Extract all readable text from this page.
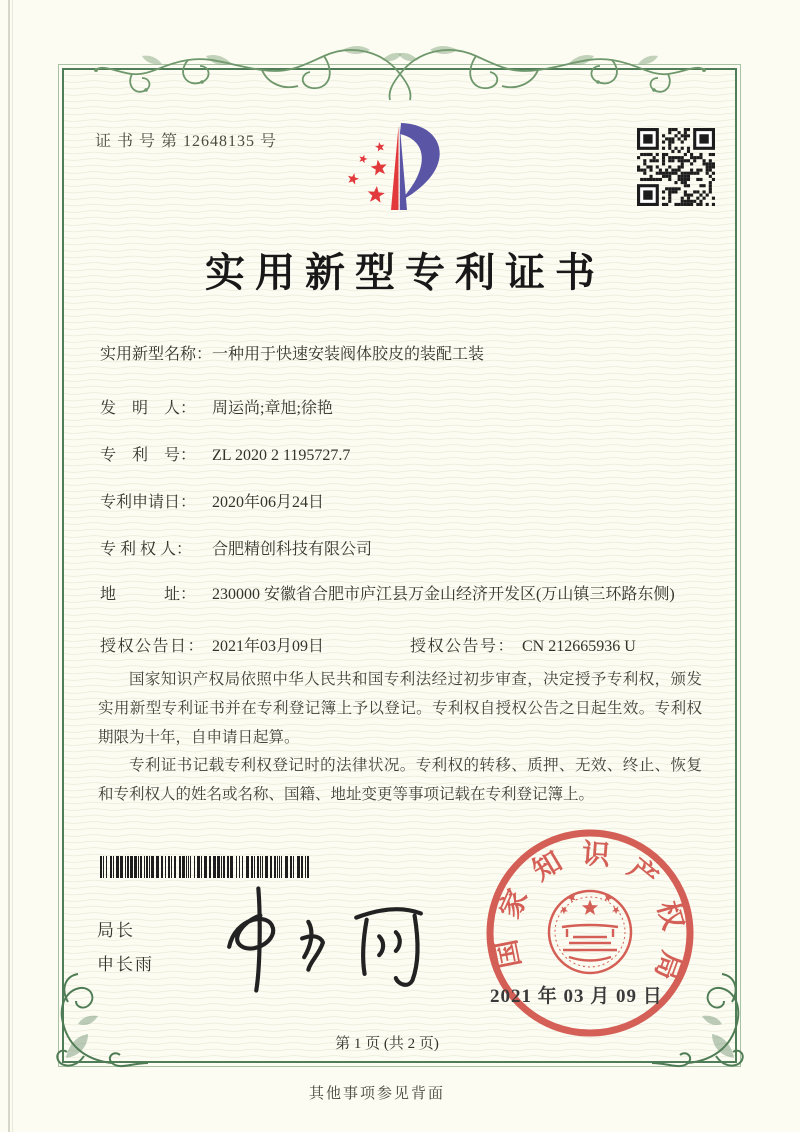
证 书 号 第 12648135 号
实用新型专利证书
实用新型名称： 一种用于快速安装阀体胶皮的装配工装
发　明　人： 周运尚;章旭;徐艳
专　利　号： ZL 2020 2 1195727.7
专利申请日： 2020年06月24日
专 利 权 人：	合肥精创科技有限公司
地　　　址： 230000 安徽省合肥市庐江县万金山经济开发区(万山镇三环路东侧)
授权公告日： 2021年03月09日	授权公告号： CN 212665936 U

国家知识产权局依照中华人民共和国专利法经过初步审查，决定授予专利权，颁发实用新型专利证书并在专利登记簿上予以登记。专利权自授权公告之日起生效。专利权期限为十年，自申请日起算。

专利证书记载专利权登记时的法律状况。专利权的转移、质押、无效、终止、恢复和专利权人的姓名或名称、国籍、地址变更等事项记载在专利登记簿上。

局长
申长雨	国家知识产权局
2021 年 03 月 09 日
第 1 页 (共 2 页)
其他事项参见背面
